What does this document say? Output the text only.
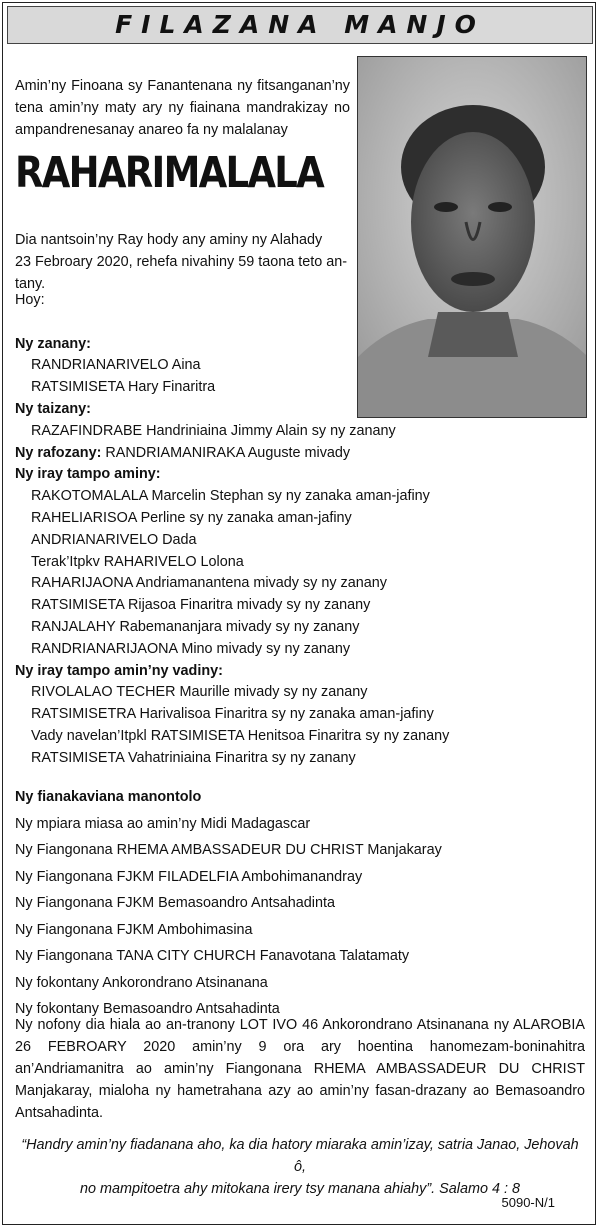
FILAZANA MANJO
Amin’ny Finoana sy Fanantenana ny fitsanganan’ny tena amin’ny maty ary ny fiainana mandrakizay no ampandrenesanay anareo fa ny malalanay
RAHARIMALALA
Dia nantsoin’ny Ray hody any aminy ny Alahady
23 Febroary 2020, rehefa nivahiny 59 taona teto an-tany.
Hoy:
Ny zanany:
RANDRIANARIVELO Aina
RATSIMISETA Hary Finaritra
Ny taizany:
RAZAFINDRABE Handriniaina Jimmy Alain sy ny zanany
Ny rafozany: RANDRIAMANIRAKA Auguste mivady
Ny iray tampo aminy:
RAKOTOMALALA Marcelin Stephan sy ny zanaka aman-jafiny
RAHELIARISOA Perline sy ny zanaka aman-jafiny
ANDRIANARIVELO Dada
Terak’Itpkv RAHARIVELO Lolona
RAHARIJAONA Andriamanantena mivady sy ny zanany
RATSIMISETA Rijasoa Finaritra mivady sy ny zanany
RANJALAHY Rabemananjara mivady sy ny zanany
RANDRIANARIJAONA Mino mivady sy ny zanany
Ny iray tampo amin’ny vadiny:
RIVOLALAO TECHER Maurille mivady sy ny zanany
RATSIMISETRA Harivalisoa Finaritra sy ny zanaka aman-jafiny
Vady navelan’Itpkl RATSIMISETA Henitsoa Finaritra sy ny zanany
RATSIMISETA Vahatriniaina Finaritra sy ny zanany
Ny fianakaviana manontolo
Ny mpiara miasa ao amin’ny Midi Madagascar
Ny Fiangonana RHEMA AMBASSADEUR DU CHRIST Manjakaray
Ny Fiangonana FJKM FILADELFIA Ambohimanandray
Ny Fiangonana FJKM Bemasoandro Antsahadinta
Ny Fiangonana FJKM Ambohimasina
Ny Fiangonana TANA CITY CHURCH Fanavotana Talatamaty
Ny fokontany Ankorondrano Atsinanana
Ny fokontany Bemasoandro Antsahadinta
Ny nofony dia hiala ao an-tranony LOT IVO 46 Ankorondrano Atsinanana ny ALAROBIA 26 FEBROARY 2020 amin’ny 9 ora ary hoentina hanomezam-boninahitra an’Andriamanitra ao amin’ny Fiangonana RHEMA AMBASSADEUR DU CHRIST Manjakaray, mialoha ny hametrahana azy ao amin’ny fasan-drazany ao Bemasoandro Antsahadinta.
“Handry amin’ny fiadanana aho, ka dia hatory miaraka amin’izay, satria Janao, Jehovah ô,
no mampitoetra ahy mitokana irery tsy manana ahiahy”. Salamo 4 : 8
5090-N/1
